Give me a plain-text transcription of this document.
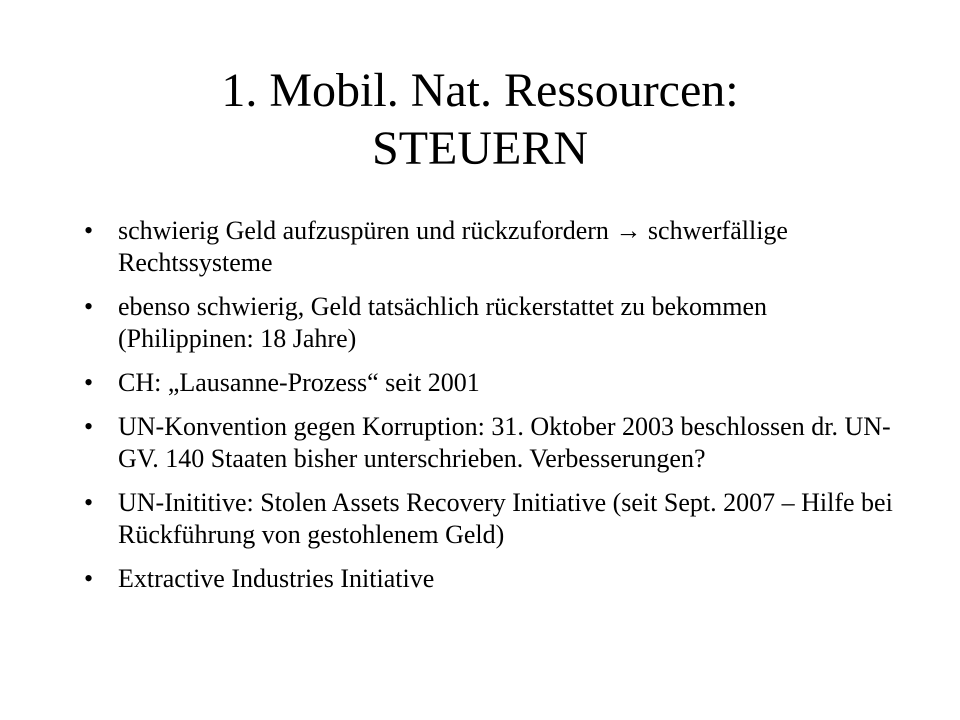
1. Mobil. Nat. Ressourcen:
STEUERN
• schwierig Geld aufzuspüren und rückzufordern → schwerfällige Rechtssysteme
• ebenso schwierig, Geld tatsächlich rückerstattet zu bekommen (Philippinen: 18 Jahre)
• CH: „Lausanne-Prozess“ seit 2001
• UN-Konvention gegen Korruption: 31. Oktober 2003 beschlossen dr. UN-GV. 140 Staaten bisher unterschrieben. Verbesserungen?
• UN-Inititive: Stolen Assets Recovery Initiative (seit Sept. 2007 – Hilfe bei Rückführung von gestohlenem Geld)
• Extractive Industries Initiative
